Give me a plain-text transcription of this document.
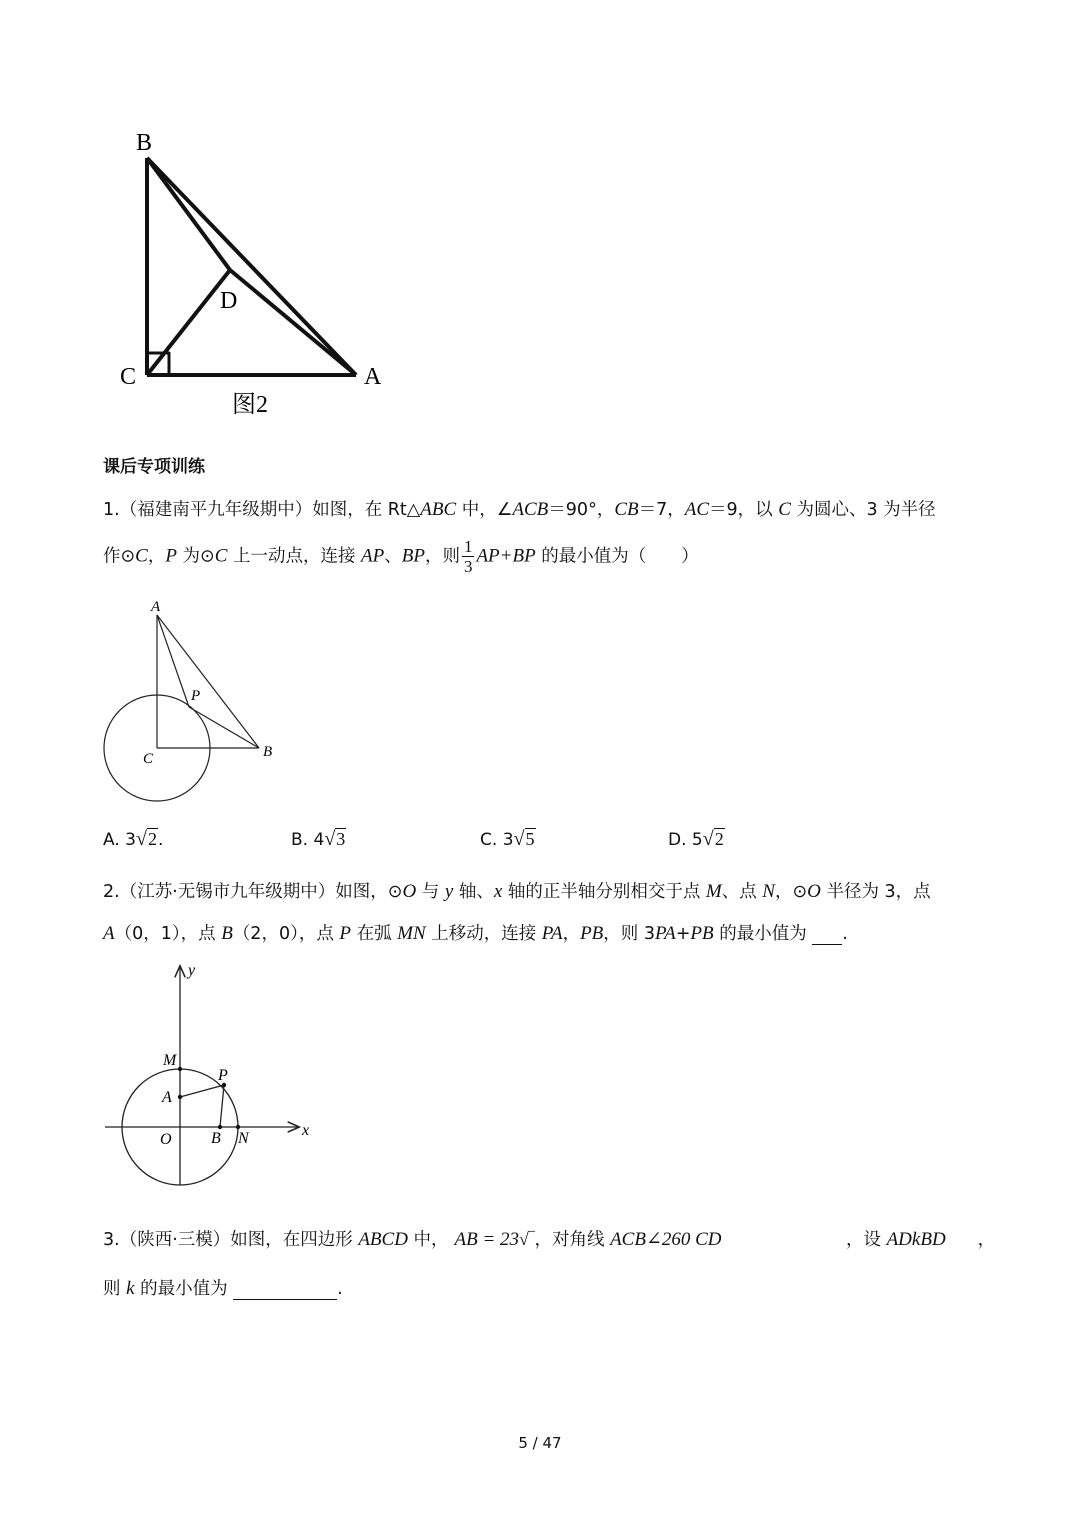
B
C	A
D
图2
课后专项训练
1.（福建南平九年级期中）如图，在 Rt△ABC 中，∠ACB＝90°，CB＝7，AC＝9，以 C 为圆心、3 为半径
作⊙C，P 为⊙C 上一动点，连接 AP、BP，则 $\frac{1}{3} AP+BP$ 的最小值为（　　）
A
P
C	B
A. 3√2.	B. 4√3	C. 3√5	D. 5√2
2.（江苏·无锡市九年级期中）如图，⊙O 与 y 轴、x 轴的正半轴分别相交于点 M、点 N，⊙O 半径为 3，点
A（0，1），点 B（2，0），点 P 在弧 MN 上移动，连接 PA，PB，则 3PA+PB 的最小值为  .
y
M
P
A
O B N	x
3.（陕西·三模）如图，在四边形 ABCD 中， AB = 23√‾，对角线 ACB∠260 CD	，设 ADkBD ，
则 k 的最小值为	.
5 / 47
